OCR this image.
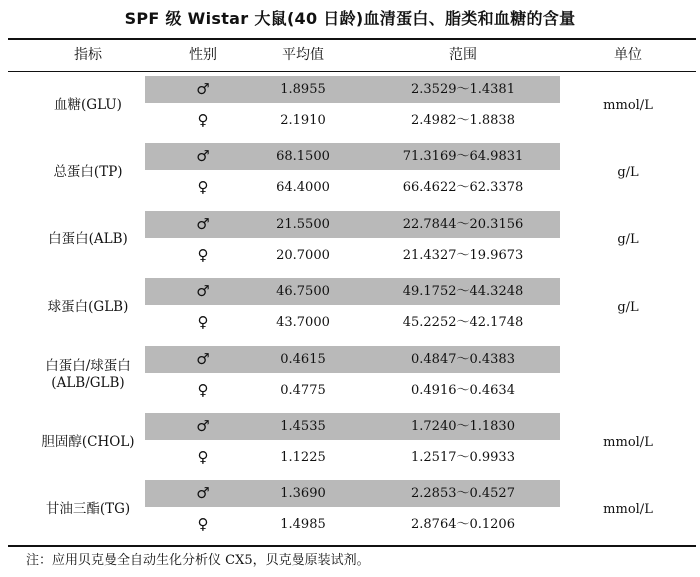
SPF 级 Wistar 大鼠(40 日龄)血清蛋白、脂类和血糖的含量
指标	性别	平均值	范围	单位
血糖(GLU)	mmol/L
♂	1.8955	2.3529～1.4381
♀	2.1910	2.4982～1.8838
总蛋白(TP)	g/L
♂	68.1500	71.3169～64.9831
♀	64.4000	66.4622～62.3378
白蛋白(ALB)	g/L
♂	21.5500	22.7844～20.3156
♀	20.7000	21.4327～19.9673
球蛋白(GLB)	g/L
♂	46.7500	49.1752～44.3248
♀	43.7000	45.2252～42.1748
白蛋白/球蛋白
(ALB/GLB)
♂	0.4615	0.4847～0.4383
♀	0.4775	0.4916～0.4634
胆固醇(CHOL)	mmol/L
♂	1.4535	1.7240～1.1830
♀	1.1225	1.2517～0.9933
甘油三酯(TG)	mmol/L
♂	1.3690	2.2853～0.4527
♀	1.4985	2.8764～0.1206
注：应用贝克曼全自动生化分析仪 CX5，贝克曼原装试剂。
